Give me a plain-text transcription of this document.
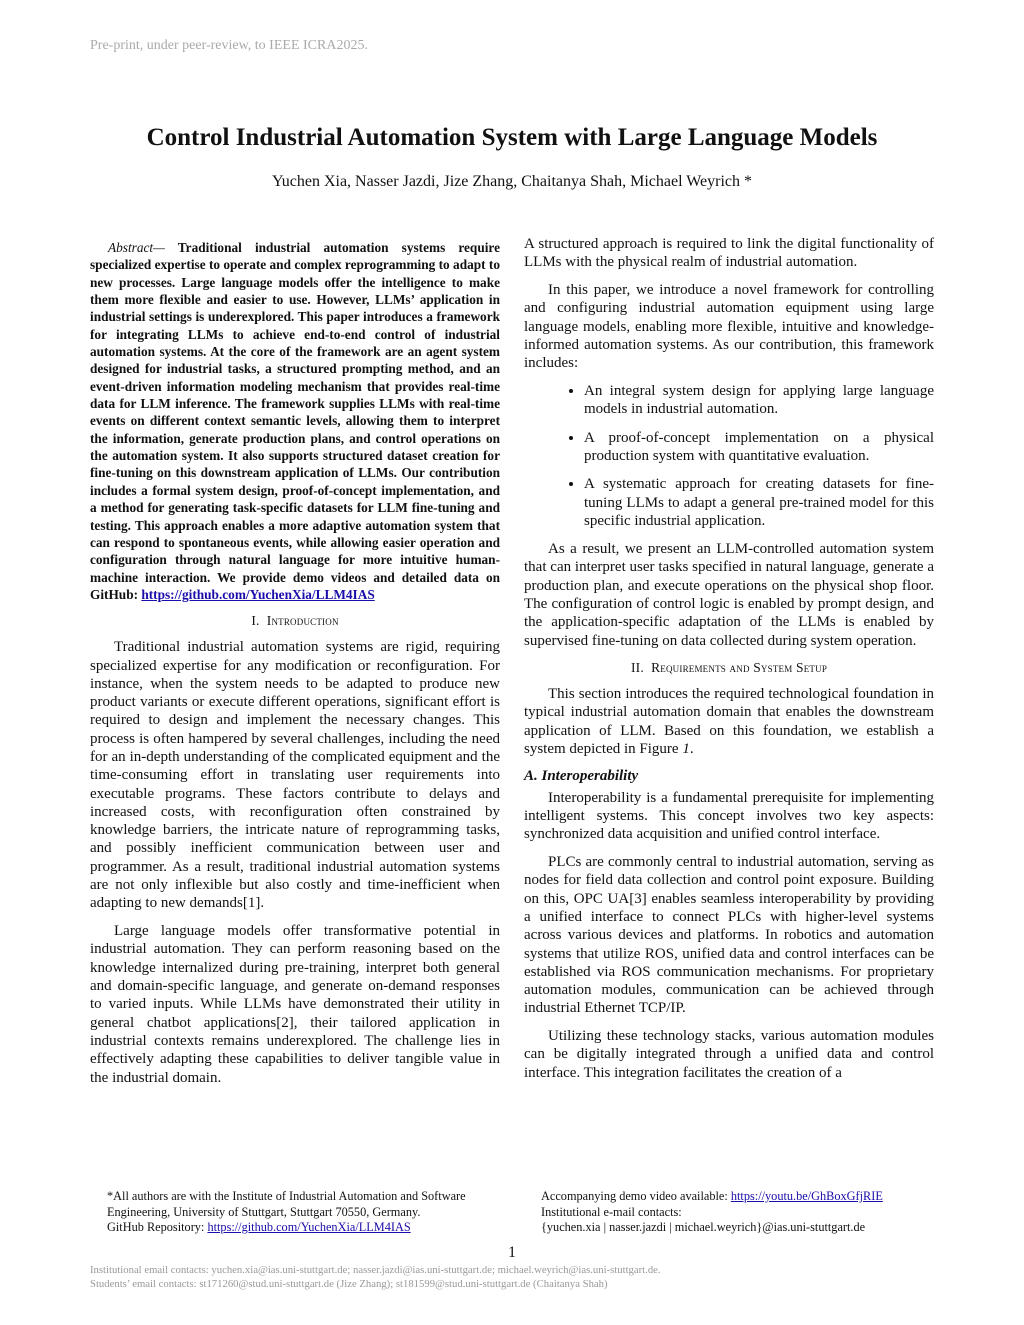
Pre-print, under peer-review, to IEEE ICRA2025.
Control Industrial Automation System with Large Language Models
Yuchen Xia, Nasser Jazdi, Jize Zhang, Chaitanya Shah, Michael Weyrich *

Abstract— Traditional industrial automation systems require specialized expertise to operate and complex reprogramming to adapt to new processes. Large language models offer the intelligence to make them more flexible and easier to use. However, LLMs’ application in industrial settings is underexplored. This paper introduces a framework for integrating LLMs to achieve end-to-end control of industrial automation systems. At the core of the framework are an agent system designed for industrial tasks, a structured prompting method, and an event-driven information modeling mechanism that provides real-time data for LLM inference. The framework supplies LLMs with real-time events on different context semantic levels, allowing them to interpret the information, generate production plans, and control operations on the automation system. It also supports structured dataset creation for fine-tuning on this downstream application of LLMs. Our contribution includes a formal system design, proof-of-concept implementation, and a method for generating task-specific datasets for LLM fine-tuning and testing. This approach enables a more adaptive automation system that can respond to spontaneous events, while allowing easier operation and configuration through natural language for more intuitive human-machine interaction. We provide demo videos and detailed data on GitHub: https://github.com/YuchenXia/LLM4IAS

I. Introduction

Traditional industrial automation systems are rigid, requiring specialized expertise for any modification or reconfiguration. For instance, when the system needs to be adapted to produce new product variants or execute different operations, significant effort is required to design and implement the necessary changes. This process is often hampered by several challenges, including the need for an in-depth understanding of the complicated equipment and the time-consuming effort in translating user requirements into executable programs. These factors contribute to delays and increased costs, with reconfiguration often constrained by knowledge barriers, the intricate nature of reprogramming tasks, and possibly inefficient communication between user and programmer. As a result, traditional industrial automation systems are not only inflexible but also costly and time-inefficient when adapting to new demands[1].

Large language models offer transformative potential in industrial automation. They can perform reasoning based on the knowledge internalized during pre-training, interpret both general and domain-specific language, and generate on-demand responses to varied inputs. While LLMs have demonstrated their utility in general chatbot applications[2], their tailored application in industrial contexts remains underexplored. The challenge lies in effectively adapting these capabilities to deliver tangible value in the industrial domain.

A structured approach is required to link the digital functionality of LLMs with the physical realm of industrial automation.

In this paper, we introduce a novel framework for controlling and configuring industrial automation equipment using large language models, enabling more flexible, intuitive and knowledge-informed automation systems. As our contribution, this framework includes:

• An integral system design for applying large language models in industrial automation.
• A proof-of-concept implementation on a physical production system with quantitative evaluation.
• A systematic approach for creating datasets for fine-tuning LLMs to adapt a general pre-trained model for this specific industrial application.

As a result, we present an LLM-controlled automation system that can interpret user tasks specified in natural language, generate a production plan, and execute operations on the physical shop floor. The configuration of control logic is enabled by prompt design, and the application-specific adaptation of the LLMs is enabled by supervised fine-tuning on data collected during system operation.

II. Requirements and System Setup

This section introduces the required technological foundation in typical industrial automation domain that enables the downstream application of LLM. Based on this foundation, we establish a system depicted in Figure 1.

A. Interoperability

Interoperability is a fundamental prerequisite for implementing intelligent systems. This concept involves two key aspects: synchronized data acquisition and unified control interface.

PLCs are commonly central to industrial automation, serving as nodes for field data collection and control point exposure. Building on this, OPC UA[3] enables seamless interoperability by providing a unified interface to connect PLCs with higher-level systems across various devices and platforms. In robotics and automation systems that utilize ROS, unified data and control interfaces can be established via ROS communication mechanisms. For proprietary automation modules, communication can be achieved through industrial Ethernet TCP/IP.

Utilizing these technology stacks, various automation modules can be digitally integrated through a unified data and control interface. This integration facilitates the creation of a

*All authors are with the Institute of Industrial Automation and Software
Engineering, University of Stuttgart, Stuttgart 70550, Germany.
GitHub Repository: https://github.com/YuchenXia/LLM4IAS
Accompanying demo video available: https://youtu.be/GhBoxGfjRIE
Institutional e-mail contacts:
{yuchen.xia | nasser.jazdi | michael.weyrich}@ias.uni-stuttgart.de
1
Institutional email contacts: yuchen.xia@ias.uni-stuttgart.de; nasser.jazdi@ias.uni-stuttgart.de; michael.weyrich@ias.uni-stuttgart.de.
Students’ email contacts: st171260@stud.uni-stuttgart.de (Jize Zhang); st181599@stud.uni-stuttgart.de (Chaitanya Shah)
